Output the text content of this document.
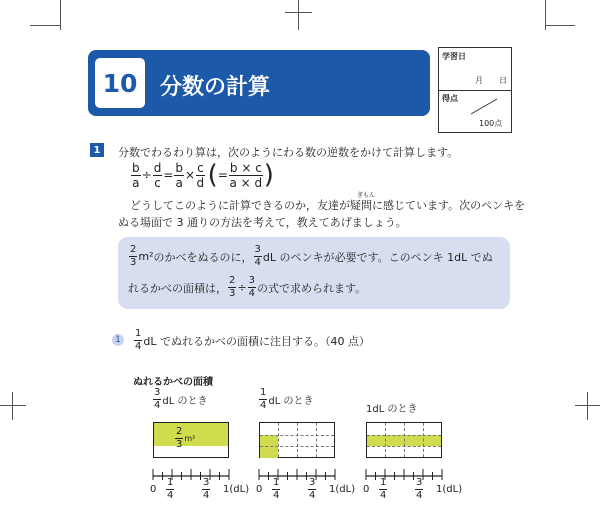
10	分数の計算
学習日
月 日
得点
100点
1	分数でわるわり算は，次のようにわる数の逆数をかけて計算します。
$\frac{b}{a} \div \frac{d}{c} = \frac{b}{a} \times \frac{c}{d}$ ( = $\frac{b \times c}{a \times d}$ )
ぎもん
どうしてこのように計算できるのか，友達が疑問に感じています。次のペンキを
ぬる場面で 3 通りの方法を考えて，教えてあげましょう。
$\frac{2}{3} m^2$ のかべをぬるのに， $\frac{3}{4}$ dL のペンキが必要です。このペンキ 1dL でぬ
れるかべの面積は， $\frac{2}{3} \div \frac{3}{4}$ の式で求められます。
1	$\frac{1}{4}$ dL でぬれるかべの面積に注目する。（40 点）
ぬれるかべの面積
$\frac{3}{4}$ dL のとき	$\frac{1}{4}$ dL のとき
1dL のとき
$\frac{2}{3} m^2$
$0 \frac{1}{4}$	$\frac{3}{4} 1(dL)$ $0 \frac{1}{4}$	$\frac{3}{4} 1(dL)$ $0 \frac{1}{4}$	$\frac{3}{4} 1(dL)$
